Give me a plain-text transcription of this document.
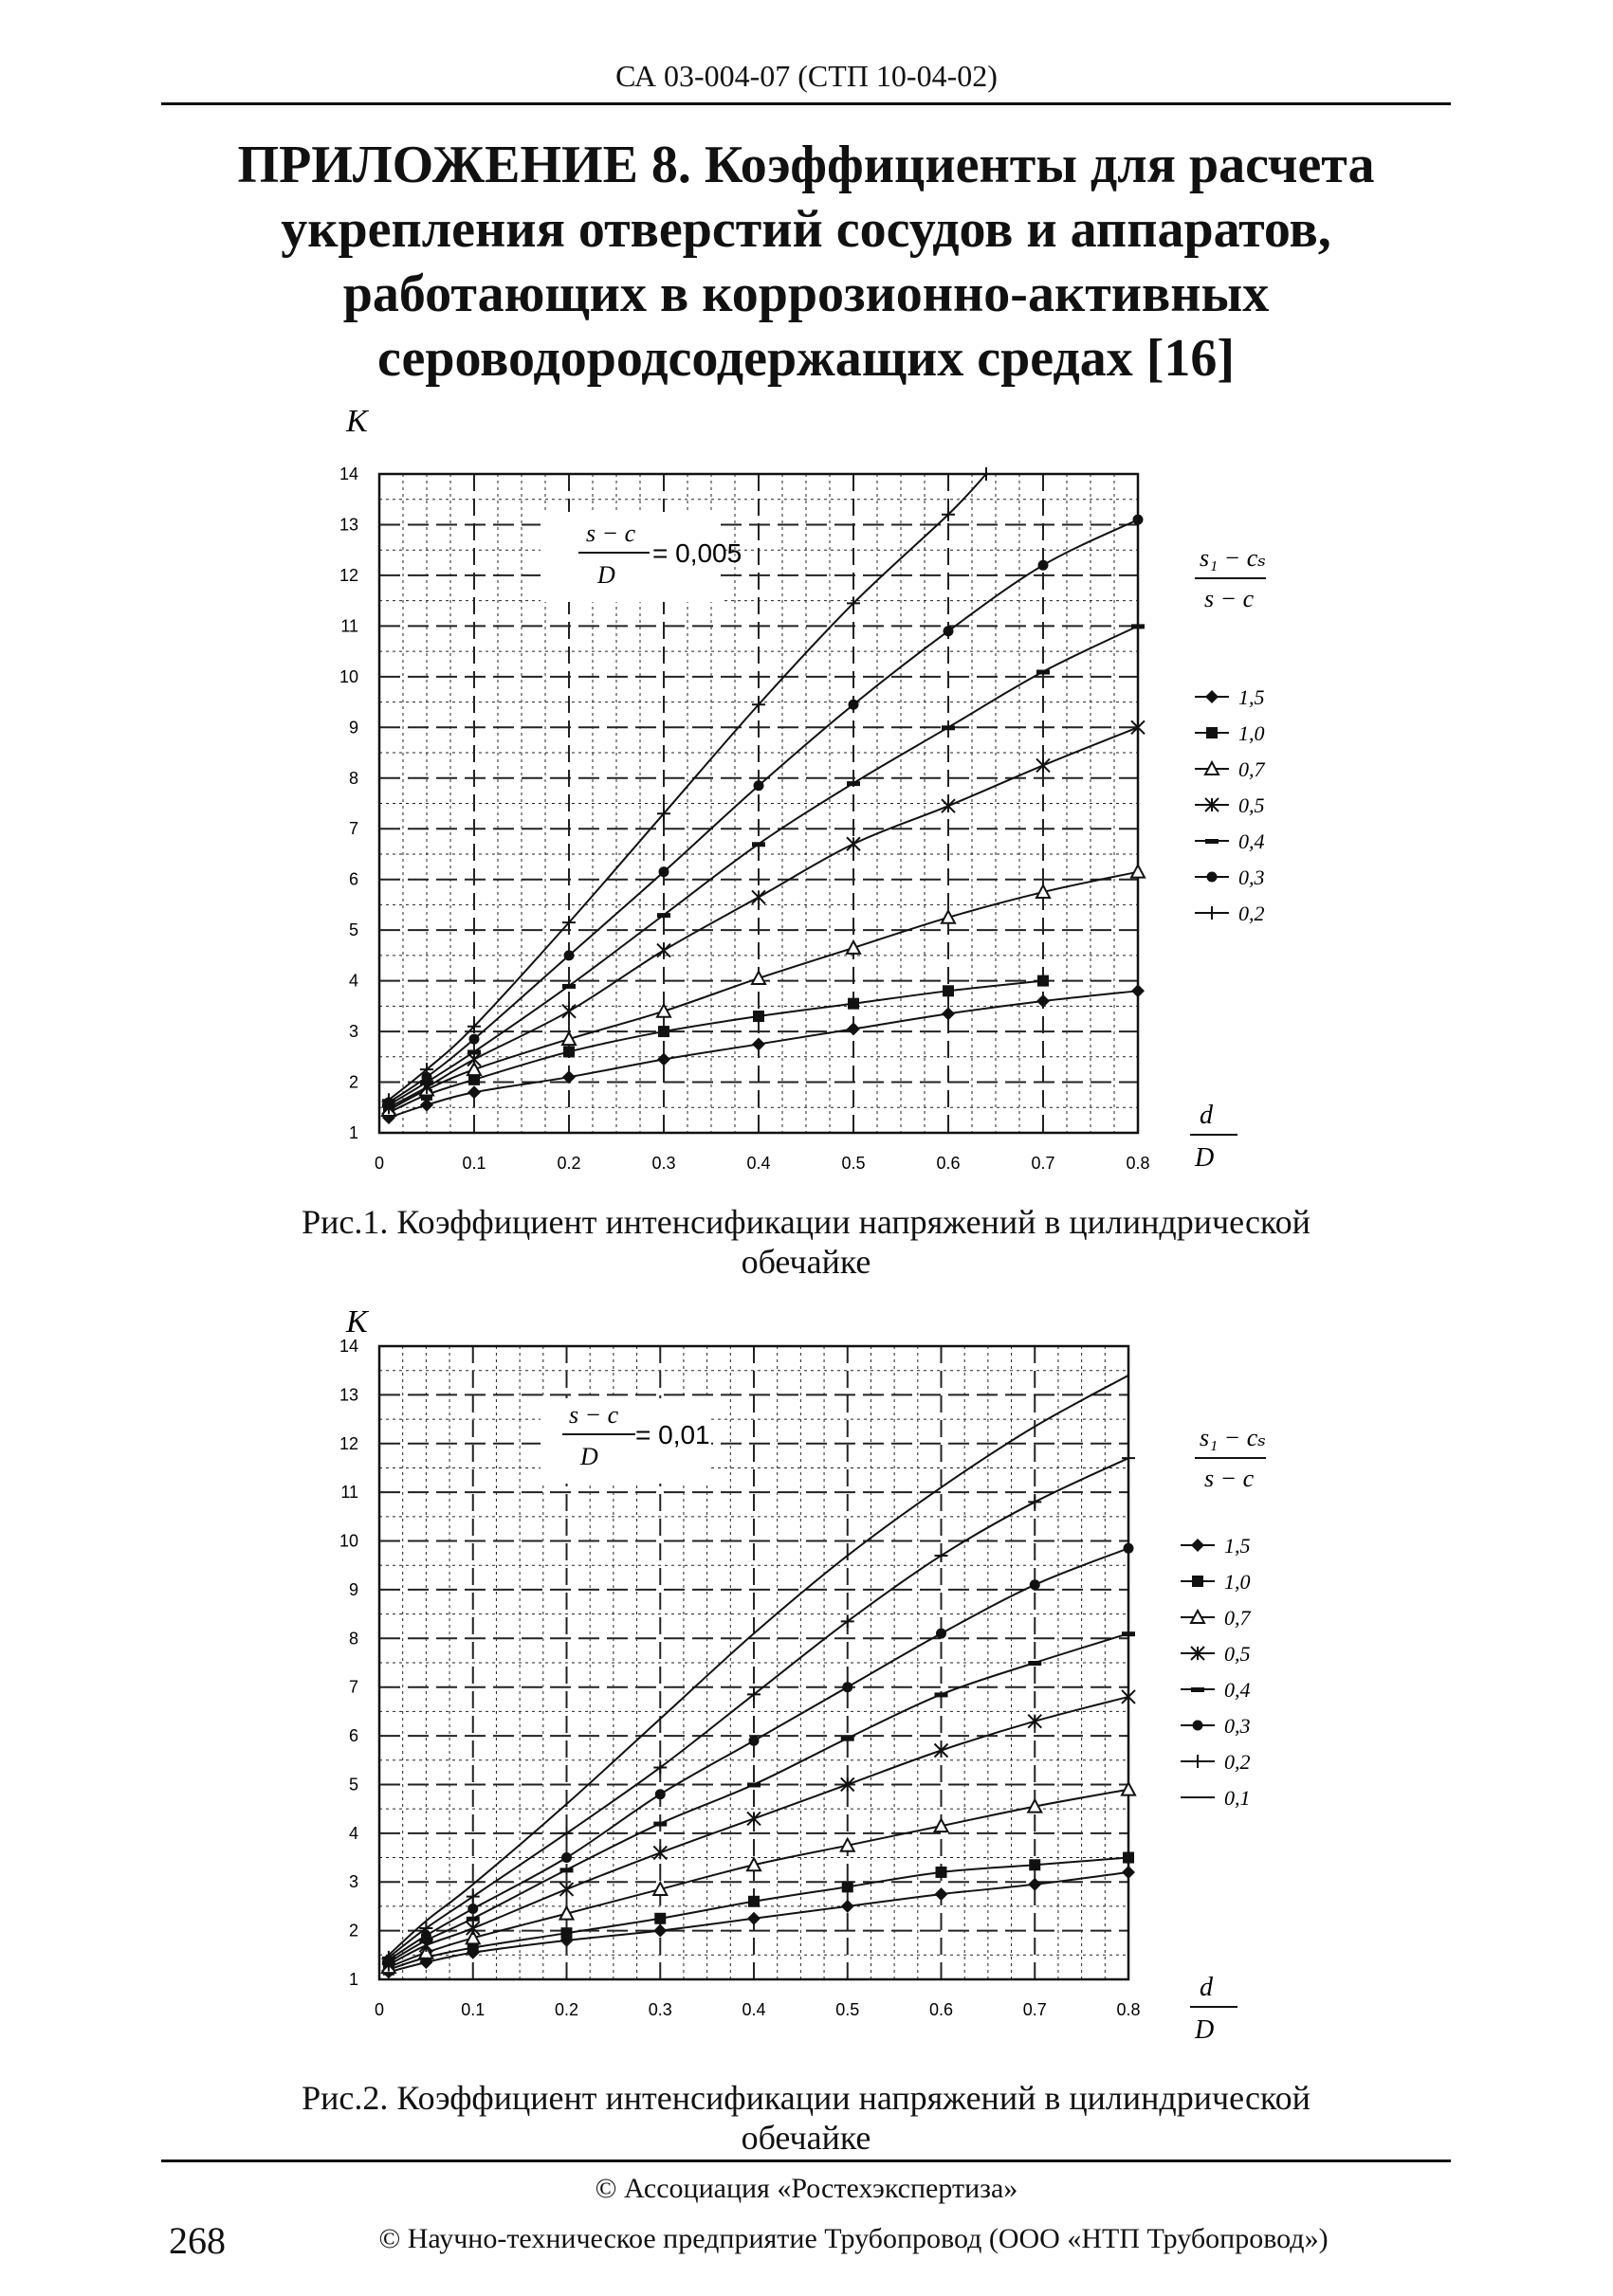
СА 03-004-07 (СТП 10-04-02)
ПРИЛОЖЕНИЕ 8. Коэффициенты для расчета
укрепления отверстий сосудов и аппаратов,
работающих в коррозионно-активных
сероводородсодержащих средах [16]
K
0	0.1	0.2	0.3	0.4	0.5	0.6	0.7	0.8
1
2
3
4
5
6
7
8
9
10
11
12
13
14
s − c
D
= 0,005	s₁ − cₛ
s − c
1,5
1,0
0,7
0,5
0,4
0,3
0,2
d
D
Рис.1. Коэффициент интенсификации напряжений в цилиндрической
обечайке
K
0	0.1	0.2	0.3	0.4	0.5	0.6	0.7	0.8
1
2
3
4
5
6
7
8
9
10
11
12
13
14
s − c
D
= 0,01	s₁ − cₛ
s − c
1,5
1,0
0,7
0,5
0,4
0,3
0,2
0,1
d
D
Рис.2. Коэффициент интенсификации напряжений в цилиндрической
обечайке
© Ассоциация «Ростехэкспертиза»
268	© Научно-техническое предприятие Трубопровод (ООО «НТП Трубопровод»)
